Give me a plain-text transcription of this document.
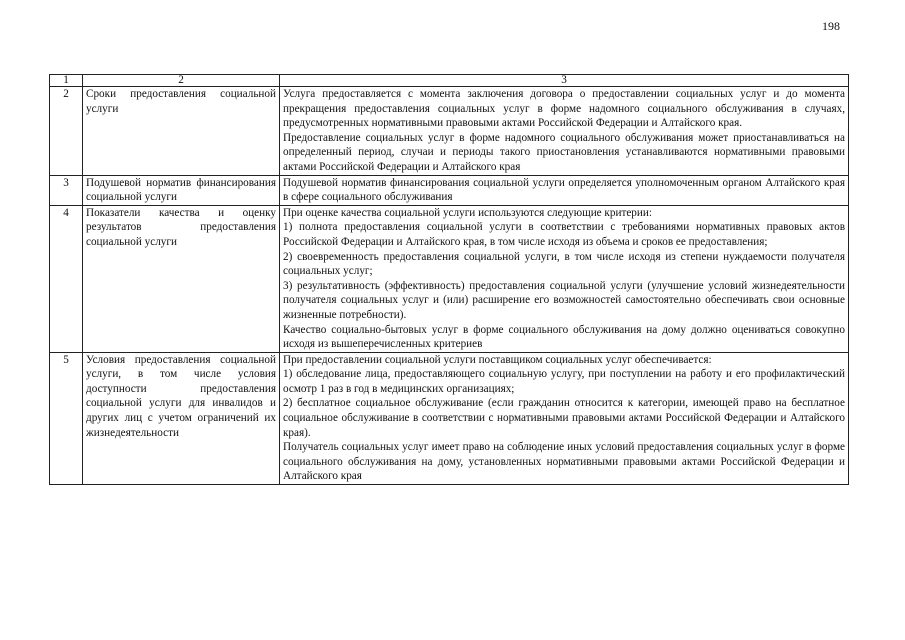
198
1	2	3
2	Сроки предоставления социальной услуги	Услуга предоставляется с момента заключения договора о предоставлении социальных услуг и до момента прекращения предоставления социальных услуг в форме надомного социального обслуживания в случаях, предусмотренных нормативными правовыми актами Российской Федерации и Алтайского края.
Предоставление социальных услуг в форме надомного социального обслуживания может приостанавливаться на определенный период, случаи и периоды такого приостановления устанавливаются нормативными правовыми актами Российской Федерации и Алтайского края

3	Подушевой норматив финансирования социальной услуги	Подушевой норматив финансирования социальной услуги определяется уполномоченным органом Алтайского края в сфере социального обслуживания

4	Показатели качества и оценку результатов предоставления социальной услуги	При оценке качества социальной услуги используются следующие критерии:
1) полнота предоставления социальной услуги в соответствии с требованиями нормативных правовых актов Российской Федерации и Алтайского края, в том числе исходя из объема и сроков ее предоставления;
2) своевременность предоставления социальной услуги, в том числе исходя из степени нуждаемости получателя социальных услуг;
3) результативность (эффективность) предоставления социальной услуги (улучшение условий жизнедеятельности получателя социальных услуг и (или) расширение его возможностей самостоятельно обеспечивать свои основные жизненные потребности).
Качество социально-бытовых услуг в форме социального обслуживания на дому должно оцениваться совокупно исходя из вышеперечисленных критериев

5	Условия предоставления социальной услуги, в том числе условия доступности предоставления социальной услуги для инвалидов и других лиц с учетом ограничений их жизнедеятельности	При предоставлении социальной услуги поставщиком социальных услуг обеспечивается:
1) обследование лица, предоставляющего социальную услугу, при поступлении на работу и его профилактический осмотр 1 раз в год в медицинских организациях;
2) бесплатное социальное обслуживание (если гражданин относится к категории, имеющей право на бесплатное социальное обслуживание в соответствии с нормативными правовыми актами Российской Федерации и Алтайского края).
Получатель социальных услуг имеет право на соблюдение иных условий предоставления социальных услуг в форме социального обслуживания на дому, установленных нормативными правовыми актами Российской Федерации и Алтайского края
